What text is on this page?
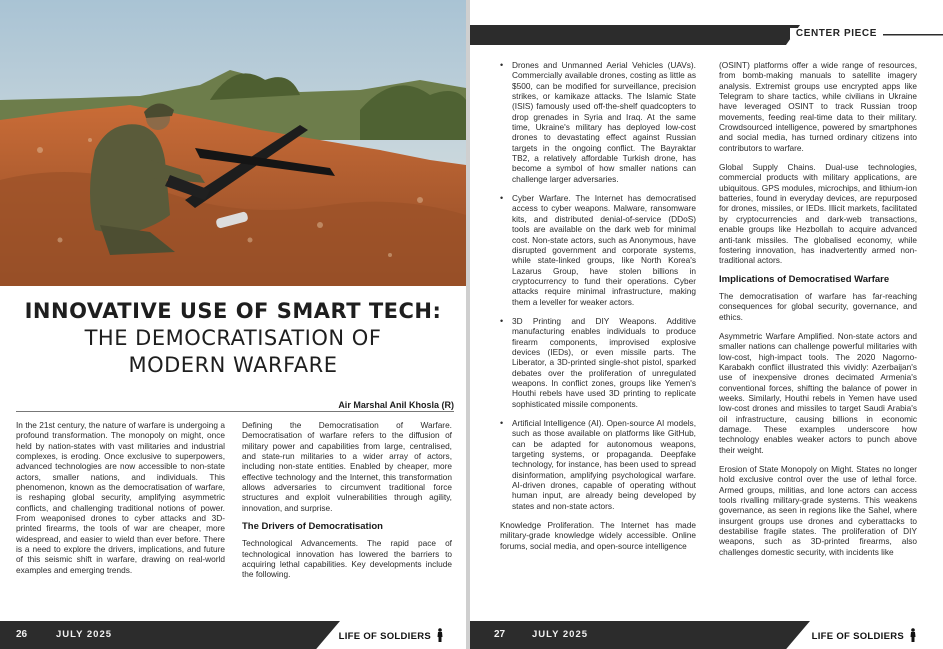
INNOVATIVE USE OF SMART TECH:
THE DEMOCRATISATION OF
MODERN WARFARE
Air Marshal Anil Khosla (R)

In the 21st century, the nature of warfare is undergoing a profound transformation. The monopoly on might, once held by nation-states with vast militaries and industrial complexes, is eroding. Once exclusive to superpowers, advanced technologies are now accessible to non-state actors, smaller nations, and individuals. This phenomenon, known as the democratisation of warfare, is reshaping global security, amplifying asymmetric conflicts, and challenging traditional notions of power. From weaponised drones to cyber attacks and 3D-printed firearms, the tools of war are cheaper, more widespread, and easier to wield than ever before. There is a need to explore the drivers, implications, and future of this seismic shift in warfare, drawing on real-world examples and emerging trends.

Defining the Democratisation of Warfare. Democratisation of warfare refers to the diffusion of military power and capabilities from large, centralised, and state-run militaries to a wider array of actors, including non-state entities. Enabled by cheaper, more effective technology and the Internet, this transformation allows adversaries to circumvent traditional force structures and exploit vulnerabilities through agility, innovation, and surprise.

The Drivers of Democratisation

Technological Advancements. The rapid pace of technological innovation has lowered the barriers to acquiring lethal capabilities. Key developments include the following.

26	JULY 2025	LIFE OF SOLDIERS
CENTER PIECE

• Drones and Unmanned Aerial Vehicles (UAVs). Commercially available drones, costing as little as $500, can be modified for surveillance, precision strikes, or kamikaze attacks. The Islamic State (ISIS) famously used off-the-shelf quadcopters to drop grenades in Syria and Iraq. At the same time, Ukraine's military has deployed low-cost drones to devastating effect against Russian targets in the ongoing conflict. The Bayraktar TB2, a relatively affordable Turkish drone, has become a symbol of how smaller nations can challenge larger adversaries.

• Cyber Warfare. The Internet has democratised access to cyber weapons. Malware, ransomware kits, and distributed denial-of-service (DDoS) tools are available on the dark web for minimal cost. Non-state actors, such as Anonymous, have disrupted government and corporate systems, while state-linked groups, like North Korea's Lazarus Group, have stolen billions in cryptocurrency to fund their operations. Cyber attacks require minimal infrastructure, making them a leveller for weaker actors.

• 3D Printing and DIY Weapons. Additive manufacturing enables individuals to produce firearm components, improvised explosive devices (IEDs), or even missile parts. The Liberator, a 3D-printed single-shot pistol, sparked debates over the proliferation of unregulated weapons. In conflict zones, groups like Yemen's Houthi rebels have used 3D printing to replicate sophisticated missile components.

• Artificial Intelligence (AI). Open-source AI models, such as those available on platforms like GitHub, can be adapted for autonomous weapons, targeting systems, or propaganda. Deepfake technology, for instance, has been used to spread disinformation, amplifying psychological warfare. AI-driven drones, capable of operating without human input, are already being developed by states and non-state actors.

Knowledge Proliferation. The Internet has made military-grade knowledge widely accessible. Online forums, social media, and open-source intelligence

(OSINT) platforms offer a wide range of resources, from bomb-making manuals to satellite imagery analysis. Extremist groups use encrypted apps like Telegram to share tactics, while civilians in Ukraine have leveraged OSINT to track Russian troop movements, feeding real-time data to their military. Crowdsourced intelligence, powered by smartphones and social media, has turned ordinary citizens into contributors to warfare.

Global Supply Chains. Dual-use technologies, commercial products with military applications, are ubiquitous. GPS modules, microchips, and lithium-ion batteries, found in everyday devices, are repurposed for drones, missiles, or IEDs. Illicit markets, facilitated by cryptocurrencies and dark-web transactions, enable groups like Hezbollah to acquire advanced anti-tank missiles. The globalised economy, while fostering innovation, has inadvertently armed non-traditional actors.

Implications of Democratised Warfare

The democratisation of warfare has far-reaching consequences for global security, governance, and ethics.

Asymmetric Warfare Amplified. Non-state actors and smaller nations can challenge powerful militaries with low-cost, high-impact tools. The 2020 Nagorno-Karabakh conflict illustrated this vividly: Azerbaijan's use of inexpensive drones decimated Armenia's conventional forces, shifting the balance of power in weeks. Similarly, Houthi rebels in Yemen have used low-cost drones and missiles to target Saudi Arabia's oil infrastructure, causing billions in economic damage. These examples underscore how technology enables weaker actors to punch above their weight.

Erosion of State Monopoly on Might. States no longer hold exclusive control over the use of lethal force. Armed groups, militias, and lone actors can access tools rivalling military-grade systems. This weakens governance, as seen in regions like the Sahel, where insurgent groups use drones and cyberattacks to destabilise fragile states. The proliferation of DIY weapons, such as 3D-printed firearms, also challenges domestic security, with incidents like

27	JULY 2025	LIFE OF SOLDIERS
